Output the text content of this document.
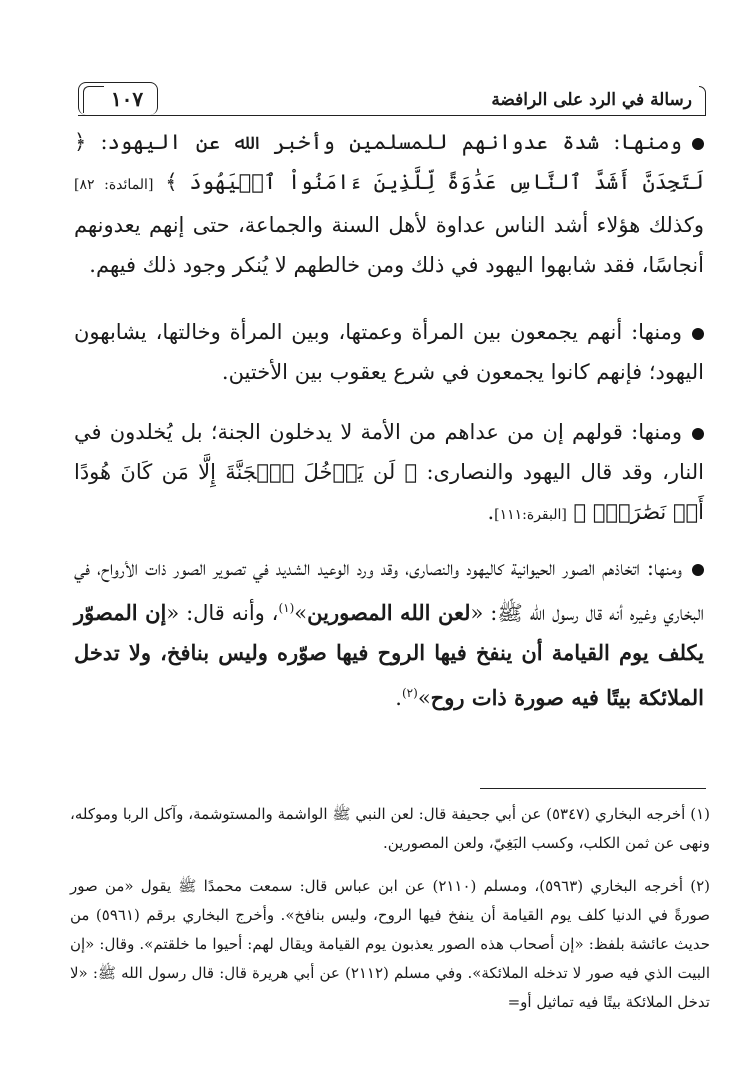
١٠٧	رسالة في الرد على الرافضة

ومنها: شدة عدوانهم للمسلمين وأخبر الله عن اليهود: ﴿ لَتَجِدَنَّ أَشَدَّ ٱلنَّاسِ عَدَٰوَةً لِّلَّذِينَ ءَامَنُواْ ٱلۡيَهُودَ ﴾ [المائدة: ٨٢] وكذلك هؤلاء أشد الناس عداوة لأهل السنة والجماعة، حتى إنهم يعدونهم أنجاسًا، فقد شابهوا اليهود في ذلك ومن خالطهم لا يُنكر وجود ذلك فيهم.

ومنها: أنهم يجمعون بين المرأة وعمتها، وبين المرأة وخالتها، يشابهون اليهود؛ فإنهم كانوا يجمعون في شرع يعقوب بين الأختين.

ومنها: قولهم إن من عداهم من الأمة لا يدخلون الجنة؛ بل يُخلدون في النار، وقد قال اليهود والنصارى: ﴿ لَن يَدۡخُلَ ٱلۡجَنَّةَ إِلَّا مَن كَانَ هُودًا أَوۡ نَصَٰرَىٰۗ ﴾ [البقرة:١١١].

ومنها: اتخاذهم الصور الحيوانية كاليهود والنصارى، وقد ورد الوعيد الشديد في تصوير الصور ذات الأرواح، في البخاري وغيره أنه قال رسول الله ﷺ: «لعن الله المصورين»$^{(١)}$، وأنه قال: «إن المصوّر يكلف يوم القيامة أن ينفخ فيها الروح فيها صوّره وليس بنافخ، ولا تدخل الملائكة بيتًا فيه صورة ذات روح»$^{(٢)}$.

(١) أخرجه البخاري (٥٣٤٧) عن أبي جحيفة قال: لعن النبي ﷺ الواشمة والمستوشمة، وآكل الربا وموكله، ونهى عن ثمن الكلب، وكسب البَغِيّ، ولعن المصورين.

(٢) أخرجه البخاري (٥٩٦٣)، ومسلم (٢١١٠) عن ابن عباس قال: سمعت محمدًا ﷺ يقول «من صور صورةً في الدنيا كلف يوم القيامة أن ينفخ فيها الروح، وليس بنافخ». وأخرج البخاري برقم (٥٩٦١) من حديث عائشة بلفظ: «إن أصحاب هذه الصور يعذبون يوم القيامة ويقال لهم: أحيوا ما خلقتم». وقال: «إن البيت الذي فيه صور لا تدخله الملائكة». وفي مسلم (٢١١٢) عن أبي هريرة قال: قال رسول الله ﷺ: «لا تدخل الملائكة بيتًا فيه تماثيل أو=
